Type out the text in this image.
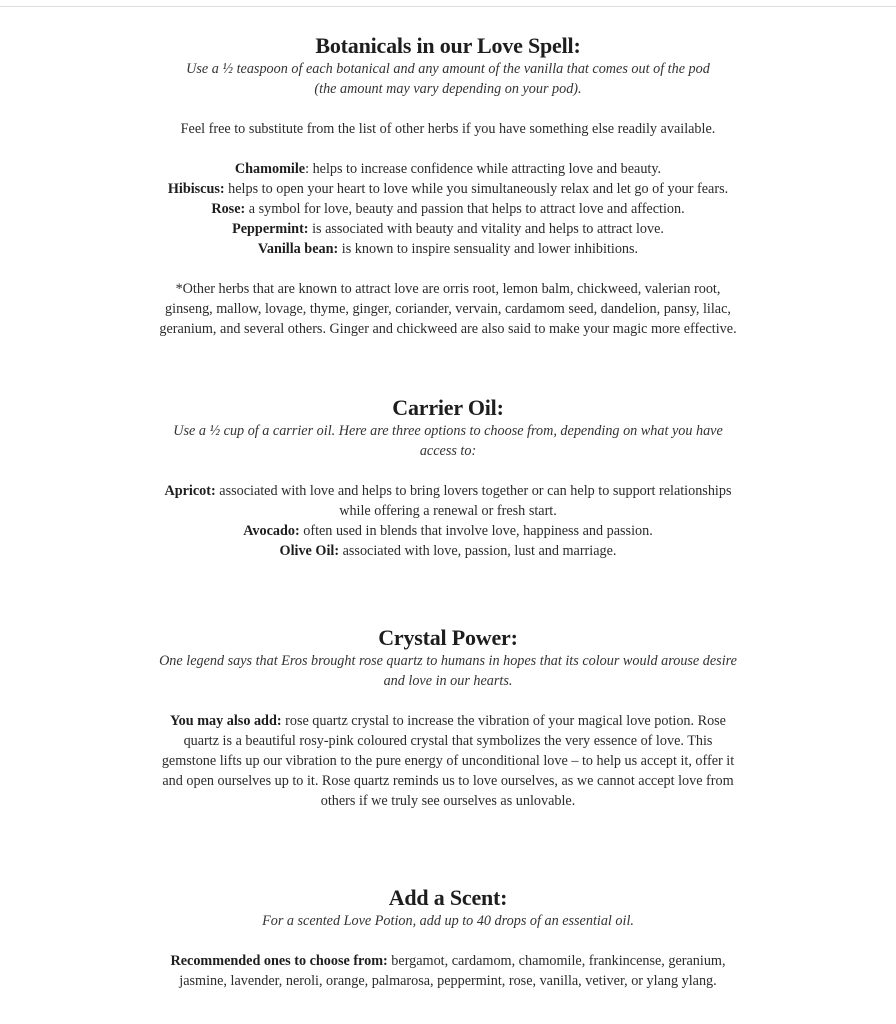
Botanicals in our Love Spell:

Use a ½ teaspoon of each botanical and any amount of the vanilla that comes out of the pod

(the amount may vary depending on your pod).

Feel free to substitute from the list of other herbs if you have something else readily available.

Chamomile: helps to increase confidence while attracting love and beauty.

Hibiscus: helps to open your heart to love while you simultaneously relax and let go of your fears.

Rose: a symbol for love, beauty and passion that helps to attract love and affection.

Peppermint: is associated with beauty and vitality and helps to attract love.

Vanilla bean: is known to inspire sensuality and lower inhibitions.

*Other herbs that are known to attract love are orris root, lemon balm, chickweed, valerian root,

ginseng, mallow, lovage, thyme, ginger, coriander, vervain, cardamom seed, dandelion, pansy, lilac,

geranium, and several others. Ginger and chickweed are also said to make your magic more effective.

Carrier Oil:

Use a ½ cup of a carrier oil. Here are three options to choose from, depending on what you have

access to:

Apricot: associated with love and helps to bring lovers together or can help to support relationships

while offering a renewal or fresh start.

Avocado: often used in blends that involve love, happiness and passion.

Olive Oil: associated with love, passion, lust and marriage.

Crystal Power:

One legend says that Eros brought rose quartz to humans in hopes that its colour would arouse desire

and love in our hearts.

You may also add: rose quartz crystal to increase the vibration of your magical love potion. Rose

quartz is a beautiful rosy-pink coloured crystal that symbolizes the very essence of love. This

gemstone lifts up our vibration to the pure energy of unconditional love – to help us accept it, offer it

and open ourselves up to it. Rose quartz reminds us to love ourselves, as we cannot accept love from

others if we truly see ourselves as unlovable.

Add a Scent:

For a scented Love Potion, add up to 40 drops of an essential oil.

Recommended ones to choose from: bergamot, cardamom, chamomile, frankincense, geranium,

jasmine, lavender, neroli, orange, palmarosa, peppermint, rose, vanilla, vetiver, or ylang ylang.
